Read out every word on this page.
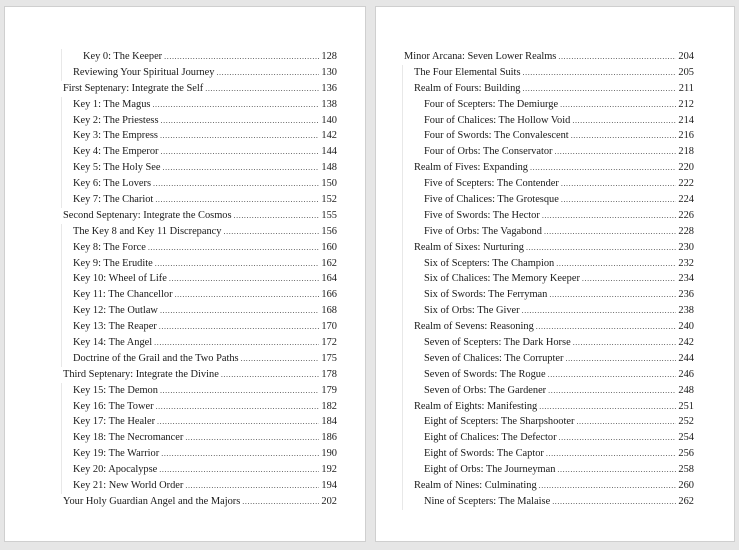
Key 0: The Keeper .....	128
Reviewing Your Spiritual Journey .....	130
First Septenary: Integrate the Self .....	136
Key 1: The Magus .....	138
Key 2: The Priestess .....	140
Key 3: The Empress .....	142
Key 4: The Emperor .....	144
Key 5: The Holy See .....	148
Key 6: The Lovers .....	150
Key 7: The Chariot .....	152
Second Septenary: Integrate the Cosmos .....	155
The Key 8 and Key 11 Discrepancy .....	156
Key 8: The Force .....	160
Key 9: The Erudite .....	162
Key 10: Wheel of Life .....	164
Key 11: The Chancellor .....	166
Key 12: The Outlaw .....	168
Key 13: The Reaper .....	170
Key 14: The Angel .....	172
Doctrine of the Grail and the Two Paths .....	175
Third Septenary: Integrate the Divine .....	178
Key 15: The Demon .....	179
Key 16: The Tower .....	182
Key 17: The Healer .....	184
Key 18: The Necromancer .....	186
Key 19: The Warrior .....	190
Key 20: Apocalypse .....	192
Key 21: New World Order .....	194
Your Holy Guardian Angel and the Majors .....	202
Minor Arcana: Seven Lower Realms .....	204
The Four Elemental Suits .....	205
Realm of Fours: Building .....	211
Four of Scepters: The Demiurge .....	212
Four of Chalices: The Hollow Void .....	214
Four of Swords: The Convalescent .....	216
Four of Orbs: The Conservator .....	218
Realm of Fives: Expanding .....	220
Five of Scepters: The Contender .....	222
Five of Chalices: The Grotesque .....	224
Five of Swords: The Hector .....	226
Five of Orbs: The Vagabond .....	228
Realm of Sixes: Nurturing .....	230
Six of Scepters: The Champion .....	232
Six of Chalices: The Memory Keeper .....	234
Six of Swords: The Ferryman .....	236
Six of Orbs: The Giver .....	238
Realm of Sevens: Reasoning .....	240
Seven of Scepters: The Dark Horse .....	242
Seven of Chalices: The Corrupter .....	244
Seven of Swords: The Rogue .....	246
Seven of Orbs: The Gardener .....	248
Realm of Eights: Manifesting .....	251
Eight of Scepters: The Sharpshooter .....	252
Eight of Chalices: The Defector .....	254
Eight of Swords: The Captor .....	256
Eight of Orbs: The Journeyman .....	258
Realm of Nines: Culminating .....	260
Nine of Scepters: The Malaise .....	262
